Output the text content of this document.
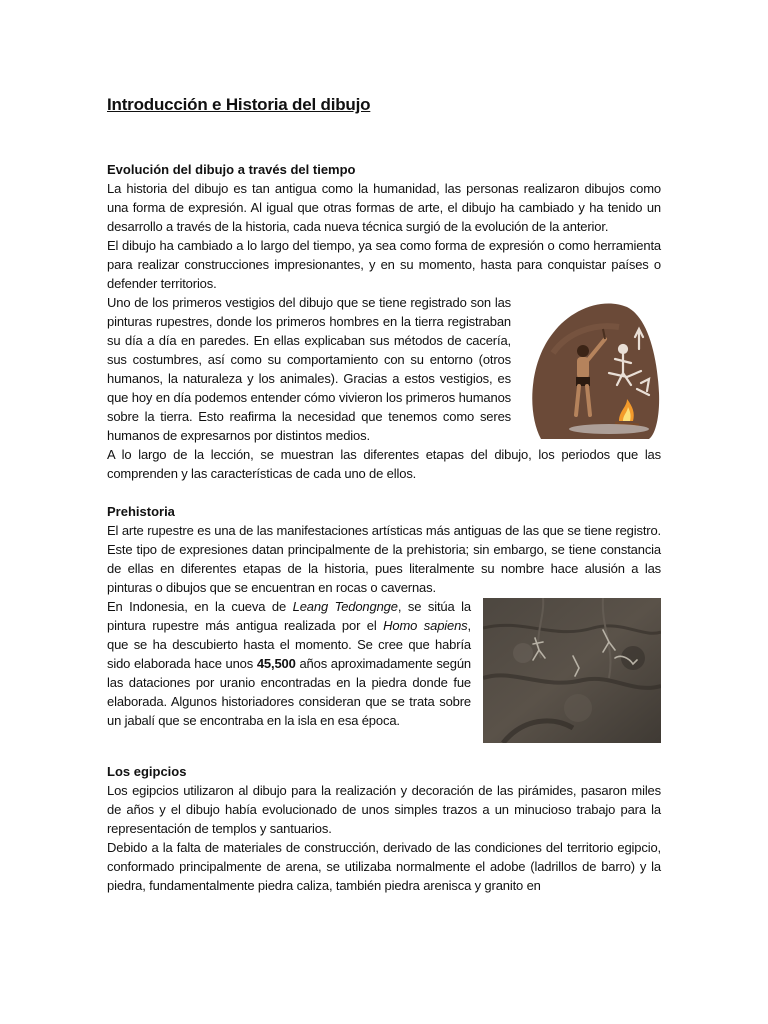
Introducción e Historia del dibujo
Evolución del dibujo a través del tiempo

La historia del dibujo es tan antigua como la humanidad, las personas realizaron dibujos como una forma de expresión. Al igual que otras formas de arte, el dibujo ha cambiado y ha tenido un desarrollo a través de la historia, cada nueva técnica surgió de la evolución de la anterior.

El dibujo ha cambiado a lo largo del tiempo, ya sea como forma de expresión o como herramienta para realizar construcciones impresionantes, y en su momento, hasta para conquistar países o defender territorios.

Uno de los primeros vestigios del dibujo que se tiene registrado son las pinturas rupestres, donde los primeros hombres en la tierra registraban su día a día en paredes. En ellas explicaban sus métodos de cacería, sus costumbres, así como su comportamiento con su entorno (otros humanos, la naturaleza y los animales). Gracias a estos vestigios, es que hoy en día podemos entender cómo vivieron los primeros humanos sobre la tierra. Esto reafirma la necesidad que tenemos como seres humanos de expresarnos por distintos medios.

A lo largo de la lección, se muestran las diferentes etapas del dibujo, los periodos que las comprenden y las características de cada uno de ellos.

Prehistoria

El arte rupestre es una de las manifestaciones artísticas más antiguas de las que se tiene registro. Este tipo de expresiones datan principalmente de la prehistoria; sin embargo, se tiene constancia de ellas en diferentes etapas de la historia, pues literalmente su nombre hace alusión a las pinturas o dibujos que se encuentran en rocas o cavernas.

En Indonesia, en la cueva de Leang Tedongnge, se sitúa la pintura rupestre más antigua realizada por el Homo sapiens, que se ha descubierto hasta el momento. Se cree que habría sido elaborada hace unos 45,500 años aproximadamente según las dataciones por uranio encontradas en la piedra donde fue elaborada. Algunos historiadores consideran que se trata sobre un jabalí que se encontraba en la isla en esa época.

Los egipcios

Los egipcios utilizaron al dibujo para la realización y decoración de las pirámides, pasaron miles de años y el dibujo había evolucionado de unos simples trazos a un minucioso trabajo para la representación de templos y santuarios.

Debido a la falta de materiales de construcción, derivado de las condiciones del territorio egipcio, conformado principalmente de arena, se utilizaba normalmente el adobe (ladrillos de barro) y la piedra, fundamentalmente piedra caliza, también piedra arenisca y granito en
